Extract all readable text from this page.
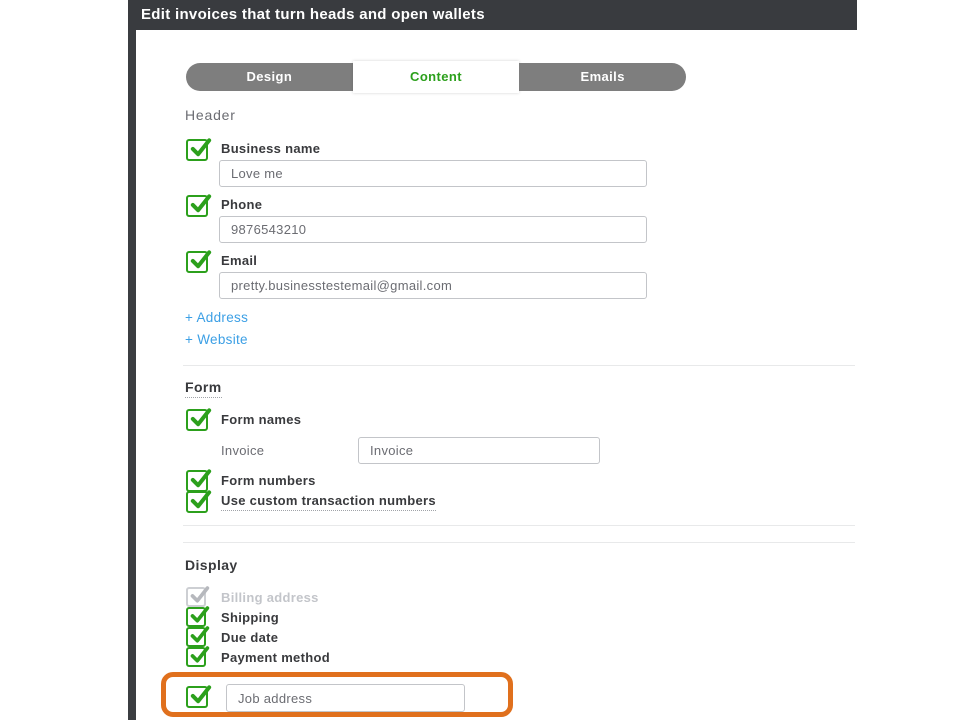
Edit invoices that turn heads and open wallets
Design	Content	Emails
Header
Business name
Love me
Phone
9876543210
Email
pretty.businesstestemail@gmail.com
+ Address
+ Website
Form
Form names
Invoice
Invoice
Form numbers
Use custom transaction numbers
Display
Billing address
Shipping
Due date
Payment method
Job address
